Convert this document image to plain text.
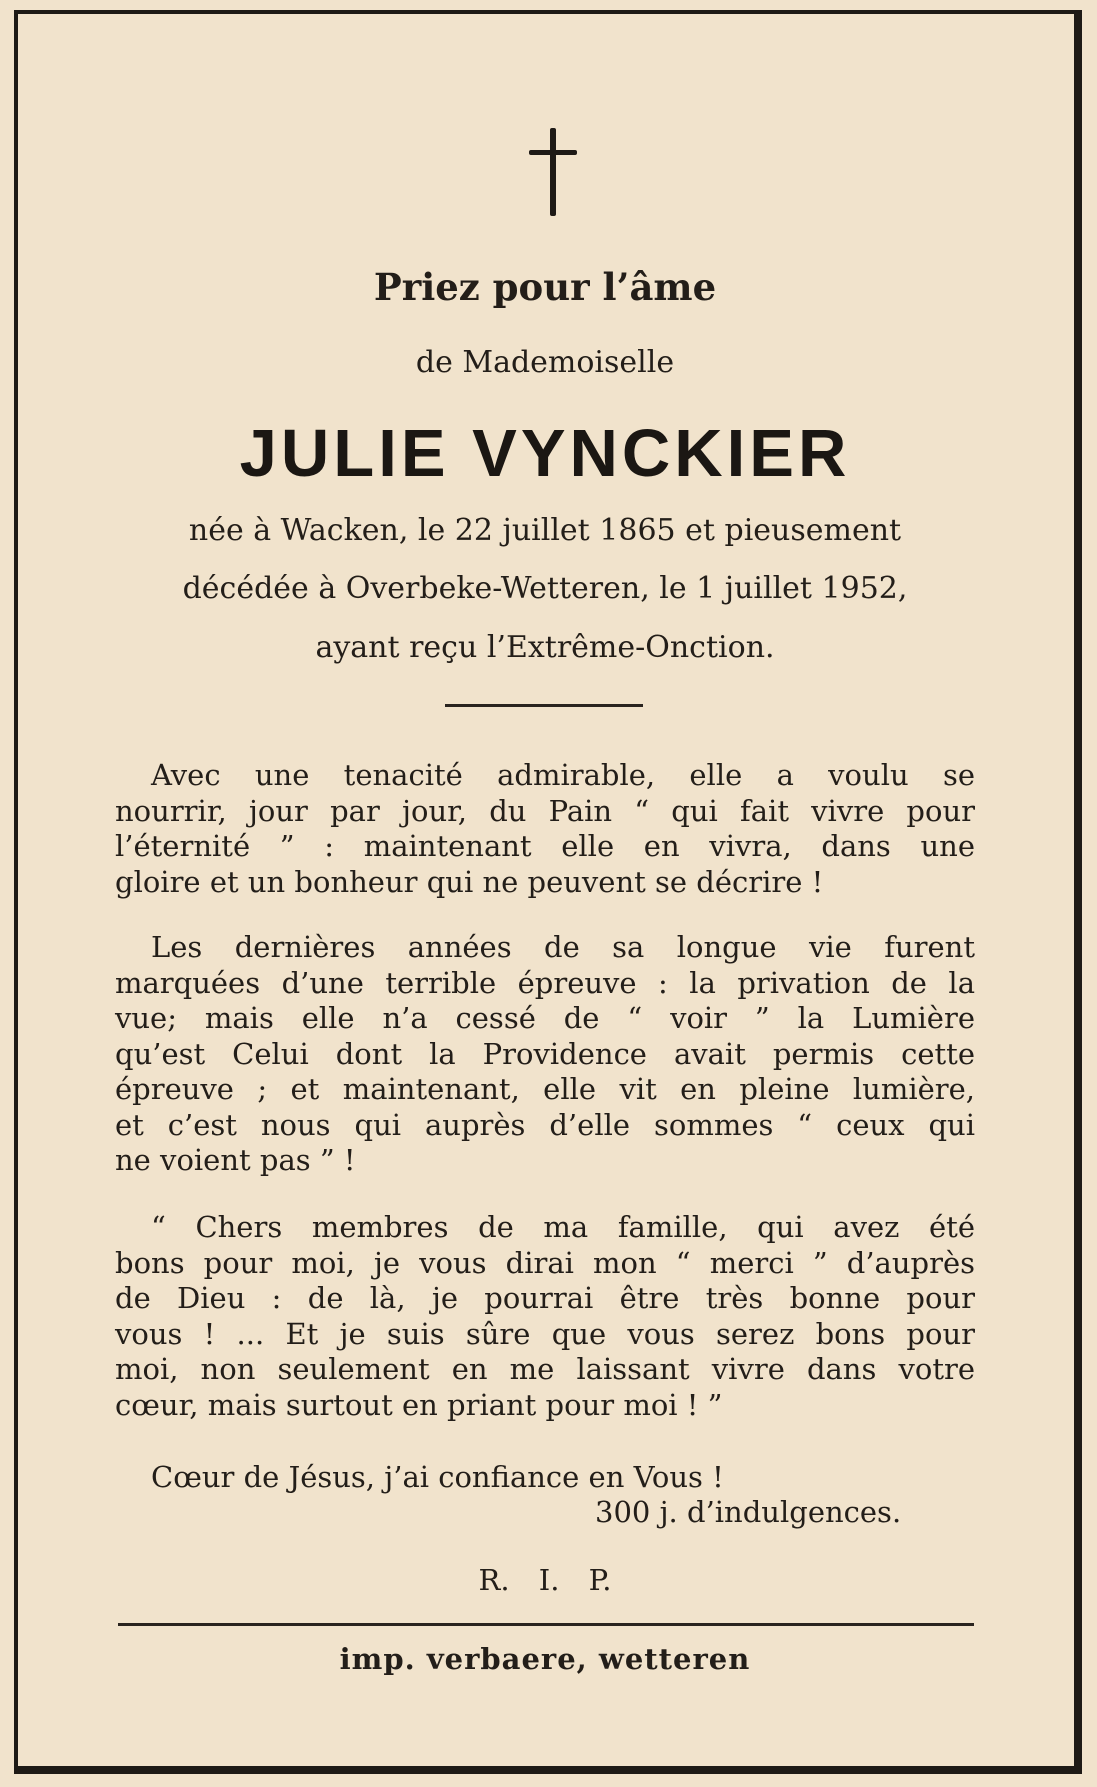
Priez pour l’âme
de Mademoiselle
JULIE VYNCKIER
née à Wacken, le 22 juillet 1865 et pieusement
décédée à Overbeke-Wetteren, le 1 juillet 1952,
ayant reçu l’Extrême-Onction.
Avec une tenacité admirable, elle a voulu se
nourrir, jour par jour, du Pain “ qui fait vivre pour
l’éternité ” : maintenant elle en vivra, dans une
gloire et un bonheur qui ne peuvent se décrire !
Les dernières années de sa longue vie furent
marquées d’une terrible épreuve : la privation de la
vue; mais elle n’a cessé de “ voir ” la Lumière
qu’est Celui dont la Providence avait permis cette
épreuve ; et maintenant, elle vit en pleine lumière,
et c’est nous qui auprès d’elle sommes “ ceux qui
ne voient pas ” !
“ Chers membres de ma famille, qui avez été
bons pour moi, je vous dirai mon “ merci ” d’auprès
de Dieu : de là, je pourrai être très bonne pour
vous ! ... Et je suis sûre que vous serez bons pour
moi, non seulement en me laissant vivre dans votre
cœur, mais surtout en priant pour moi ! ”
Cœur de Jésus, j’ai confiance en Vous !
300 j. d’indulgences.
R. I. P.
imp. verbaere, wetteren
